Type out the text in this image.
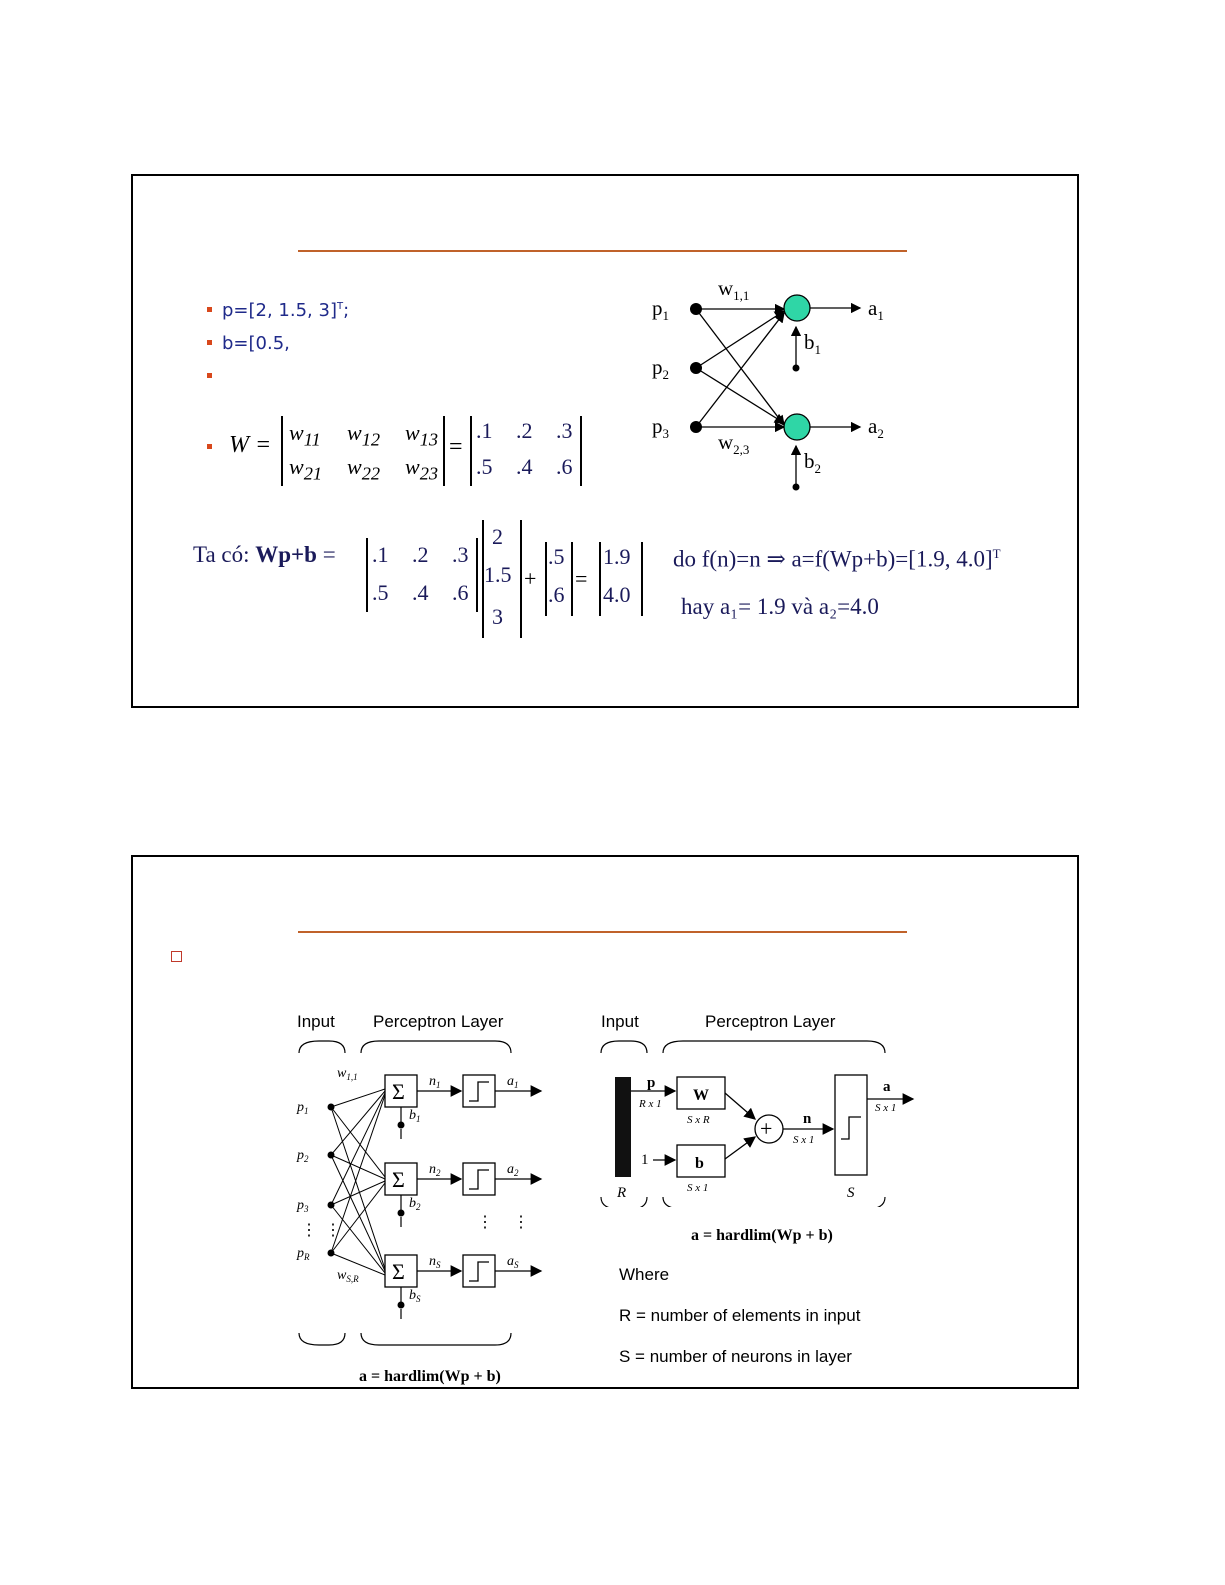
p=[2, 1.5, 3]$^T$;
b=[0.5,
$W = w_{11}$ $w_{12}$ $w_{13}$
$w_{21}$ $w_{22}$ $w_{23}$
=
.1 .2 .3
.5 .4 .6
Ta có: Wp+b = .1 .2 .3
.5 .4 .6
2
1.5
3
+
.5
.6
=
1.9
4.0
do f(n)=n ⇒ a=f(Wp+b)=[1.9, 4.0]$^T$
hay a₁= 1.9 và a₂=4.0
$p_1$
$p_2$
$p_3$
$w_{1,1}$
$w_{2,3}$
$b_1$
$b_2$
$a_1$
$a_2$
Input Perceptron Layer
$p_1$
$p_2$
$p_3$
$p_R$
$w_{1,1}$
$w_{S,R}$
⋮ ⋮	⋮ ⋮
Σ
$b_1$
$n_1$	$a_1$
Σ
$b_2$
$n_2$	$a_2$
Σ
$b_S$
$n_S$	$a_S$
a = hardlim(Wp + b)
Input	Perceptron Layer
p
R x 1 W
S x R
1	b
S x 1
+ n
S x 1
a
S x 1
R	S
a = hardlim(Wp + b)
Where
R = number of elements in input
S = number of neurons in layer
